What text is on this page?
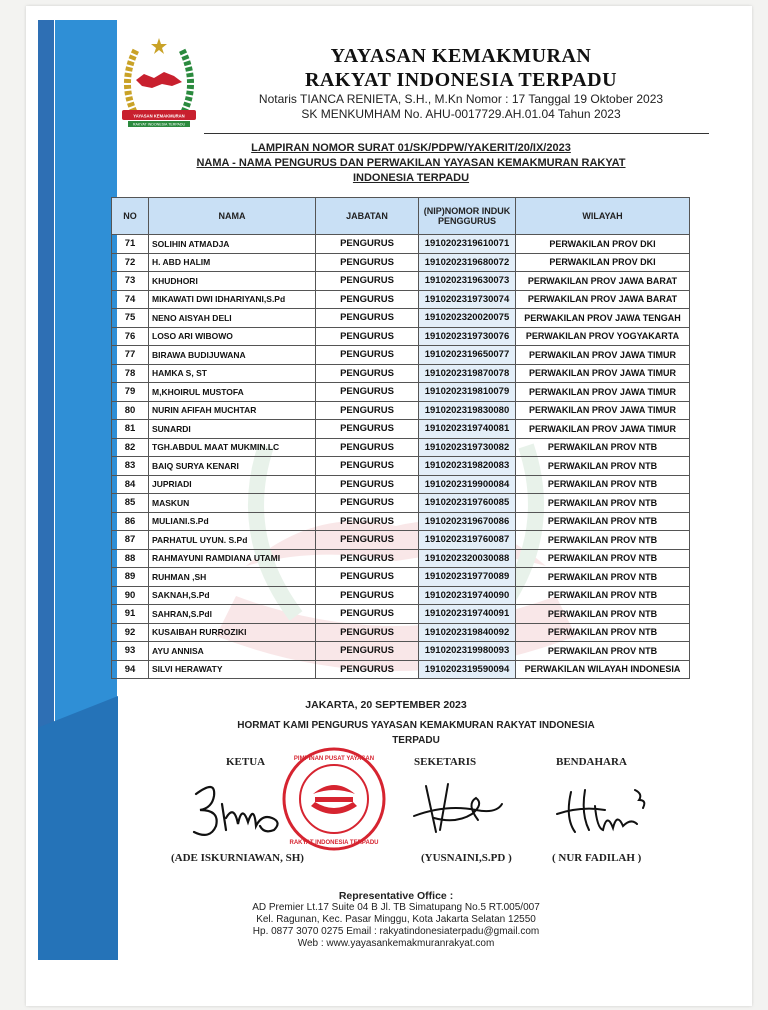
YAYASAN KEMAKMURAN
RAKYAT INDONESIA TERPADU
YAYASAN KEMAKMURAN
RAKYAT INDONESIA TERPADU
Notaris TIANCA RENIETA, S.H., M.Kn Nomor : 17 Tanggal 19 Oktober 2023
SK MENKUMHAM No. AHU-0017729.AH.01.04 Tahun 2023
LAMPIRAN NOMOR SURAT 01/SK/PDPW/YAKERIT/20/IX/2023
NAMA - NAMA PENGURUS DAN PERWAKILAN YAYASAN KEMAKMURAN RAKYAT
INDONESIA TERPADU
NO	NAMA	JABATAN	(NIP)NOMOR INDUK PENGGURUS	WILAYAH
71	SOLIHIN ATMADJA	PENGURUS	1910202319610071	PERWAKILAN PROV DKI
72	H. ABD HALIM	PENGURUS	1910202319680072	PERWAKILAN PROV DKI
73	KHUDHORI	PENGURUS	1910202319630073	PERWAKILAN PROV JAWA BARAT
74	MIKAWATI DWI IDHARIYANI,S.Pd	PENGURUS	1910202319730074	PERWAKILAN PROV JAWA BARAT
75	NENO AISYAH DELI	PENGURUS	1910202320020075	PERWAKILAN PROV JAWA TENGAH
76	LOSO ARI WIBOWO	PENGURUS	1910202319730076	PERWAKILAN PROV YOGYAKARTA
77	BIRAWA BUDIJUWANA	PENGURUS	1910202319650077	PERWAKILAN PROV JAWA TIMUR
78	HAMKA S, ST	PENGURUS	1910202319870078	PERWAKILAN PROV JAWA TIMUR
79	M,KHOIRUL MUSTOFA	PENGURUS	1910202319810079	PERWAKILAN PROV JAWA TIMUR
80	NURIN AFIFAH MUCHTAR	PENGURUS	1910202319830080	PERWAKILAN PROV JAWA TIMUR
81	SUNARDI	PENGURUS	1910202319740081	PERWAKILAN PROV JAWA TIMUR
82	TGH.ABDUL MAAT MUKMIN.LC	PENGURUS	1910202319730082	PERWAKILAN PROV NTB
83	BAIQ SURYA KENARI	PENGURUS	1910202319820083	PERWAKILAN PROV NTB
84	JUPRIADI	PENGURUS	1910202319900084	PERWAKILAN PROV NTB
85	MASKUN	PENGURUS	1910202319760085	PERWAKILAN PROV NTB
86	MULIANI.S.Pd	PENGURUS	1910202319670086	PERWAKILAN PROV NTB
87	PARHATUL UYUN. S.Pd	PENGURUS	1910202319760087	PERWAKILAN PROV NTB
88	RAHMAYUNI RAMDIANA UTAMI	PENGURUS	1910202320030088	PERWAKILAN PROV NTB
89	RUHMAN ,SH	PENGURUS	1910202319770089	PERWAKILAN PROV NTB
90	SAKNAH,S.Pd	PENGURUS	1910202319740090	PERWAKILAN PROV NTB
91	SAHRAN,S.Pdl	PENGURUS	1910202319740091	PERWAKILAN PROV NTB
92	KUSAIBAH RURROZIKI	PENGURUS	1910202319840092	PERWAKILAN PROV NTB
93	AYU ANNISA	PENGURUS	1910202319980093	PERWAKILAN PROV NTB
94	SILVI HERAWATY	PENGURUS	1910202319590094	PERWAKILAN WILAYAH INDONESIA
JAKARTA, 20 SEPTEMBER 2023
HORMAT KAMI PENGURUS YAYASAN KEMAKMURAN RAKYAT INDONESIA
TERPADU
KETUA	SEKETARIS	BENDAHARA
PIMPINAN PUSAT YAYASAN
RAKYAT INDONESIA TERPADU
(ADE ISKURNIAWAN, SH)	(YUSNAINI,S.PD )	( NUR FADILAH )
Representative Office :
AD Premier Lt.17 Suite 04 B Jl. TB Simatupang No.5 RT.005/007
Kel. Ragunan, Kec. Pasar Minggu, Kota Jakarta Selatan 12550
Hp. 0877 3070 0275 Email : rakyatindonesiaterpadu@gmail.com
Web : www.yayasankemakmuranrakyat.com
